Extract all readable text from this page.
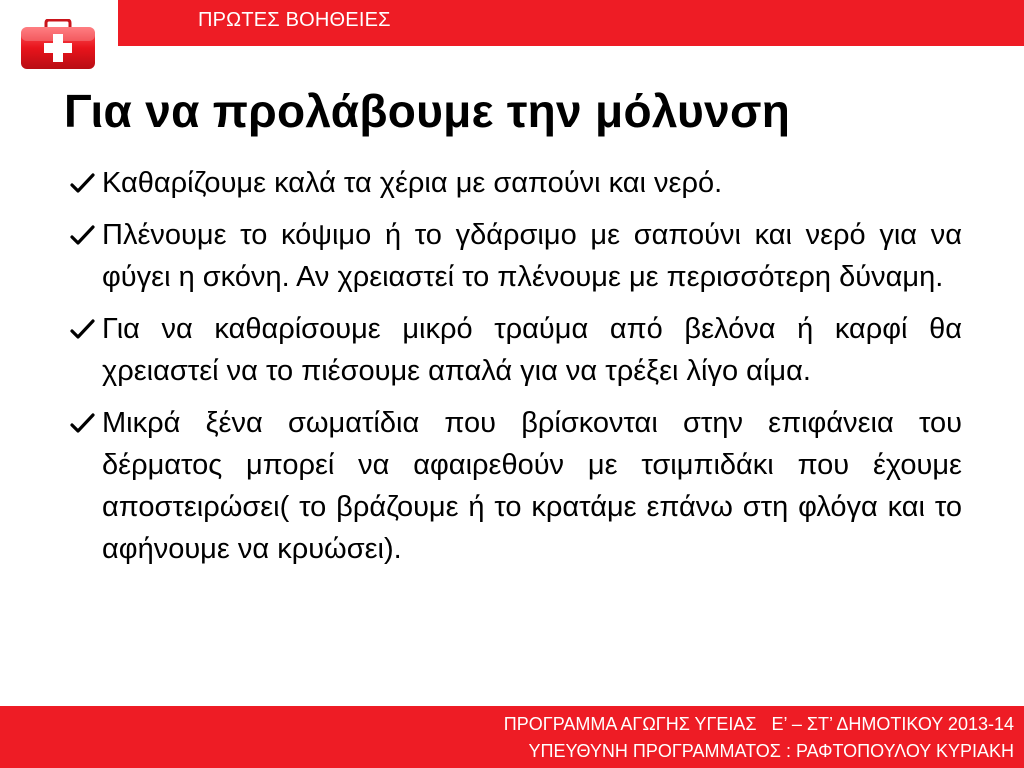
ΠΡΩΤΕΣ ΒΟΗΘΕΙΕΣ
Για να προλάβουμε την μόλυνση
Καθαρίζουμε καλά τα χέρια με σαπούνι και νερό.
Πλένουμε το κόψιμο ή το γδάρσιμο με σαπούνι και νερό για να φύγει η σκόνη. Αν χρειαστεί το πλένουμε με περισσότερη δύναμη.
Για να καθαρίσουμε μικρό τραύμα από βελόνα ή καρφί θα χρειαστεί να το πιέσουμε απαλά για να τρέξει λίγο αίμα.
Μικρά ξένα σωματίδια που βρίσκονται στην επιφάνεια του δέρματος μπορεί να αφαιρεθούν με τσιμπιδάκι που έχουμε αποστειρώσει( το βράζουμε ή το κρατάμε επάνω στη φλόγα και το αφήνουμε να κρυώσει).
ΠΡΟΓΡΑΜΜΑ ΑΓΩΓΗΣ ΥΓΕΙΑΣ   Ε’ – ΣΤ’ ΔΗΜΟΤΙΚΟΥ 2013-14
ΥΠΕΥΘΥΝΗ ΠΡΟΓΡΑΜΜΑΤΟΣ : ΡΑΦΤΟΠΟΥΛΟΥ ΚΥΡΙΑΚΗ
